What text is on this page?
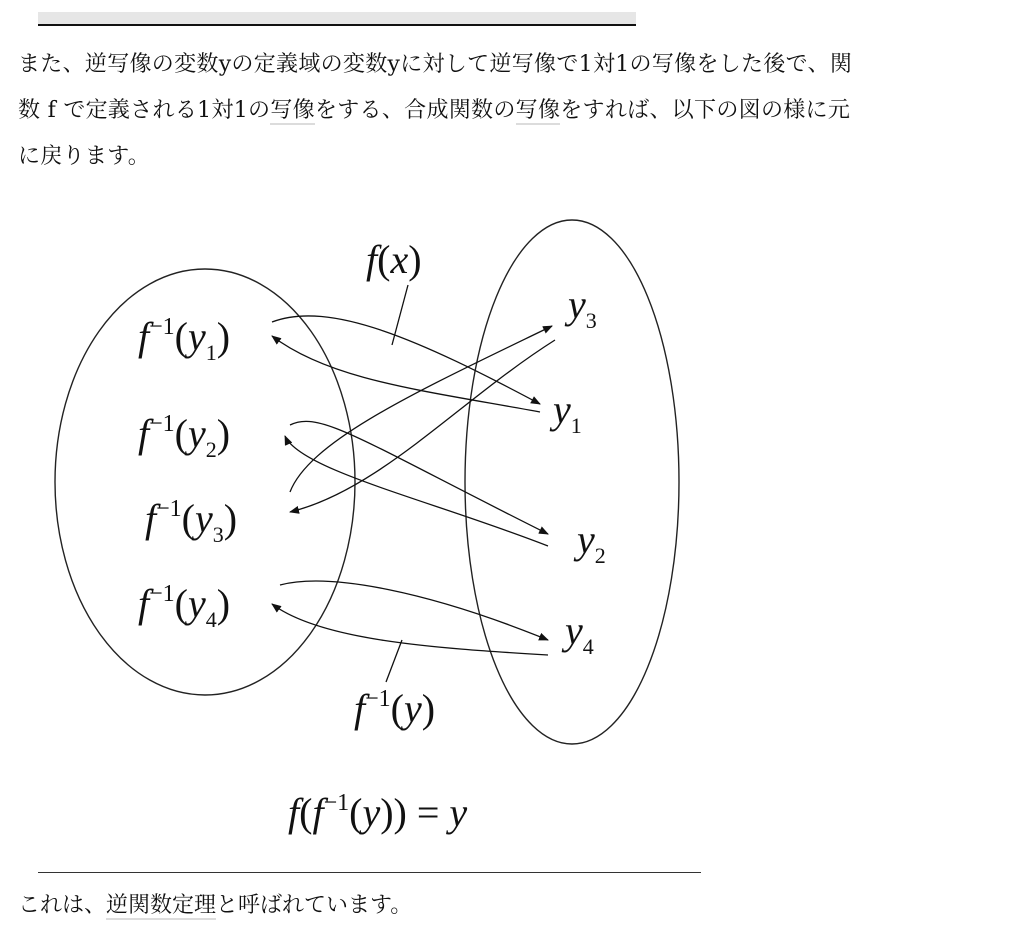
また、逆写像の変数yの定義域の変数yに対して逆写像で1対1の写像をした後で、関
数 f で定義される1対1の写像をする、合成関数の写像をすれば、以下の図の様に元
に戻ります。
$f^{-1}(y_1)$
$f^{-1}(y_2)$
$f^{-1}(y_3)$
$f^{-1}(y_4)$
$y_3$
$y_1$
$y_2$
$y_4$
f(x)
$f^{-1}(y)$
$f(f^{-1}(y)) = y$
これは、逆関数定理と呼ばれています。
